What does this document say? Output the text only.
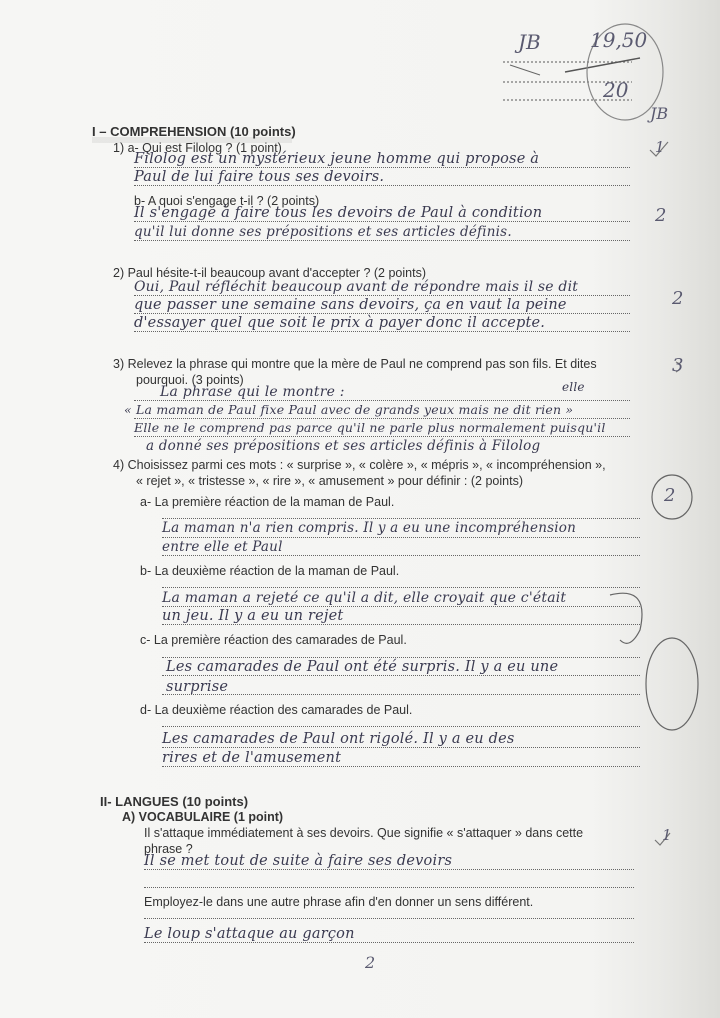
JB 19,50
20
JB
I – COMPREHENSION (10 points)
1) a- Qui est Filolog ? (1 point)
Filolog est un mystérieux jeune homme qui propose à
Paul de lui faire tous ses devoirs.
1
b- A quoi s'engage t-il ? (2 points)
Il s'engage à faire tous les devoirs de Paul à condition
qu'il lui donne ses prépositions et ses articles définis.
2
2) Paul hésite-t-il beaucoup avant d'accepter ? (2 points)
Oui, Paul réfléchit beaucoup avant de répondre mais il se dit
que passer une semaine sans devoirs, ça en vaut la peine
d'essayer quel que soit le prix à payer donc il accepte.
2
3) Relevez la phrase qui montre que la mère de Paul ne comprend pas son fils. Et dites
pourquoi. (3 points)
La phrase qui le montre :	elle
« La maman de Paul fixe Paul avec de grands yeux mais ne dit rien »
Elle ne le comprend pas parce qu'il ne parle plus normalement puisqu'il
a donné ses prépositions et ses articles définis à Filolog
3
4) Choisissez parmi ces mots : « surprise », « colère », « mépris », « incompréhension »,
« rejet », « tristesse », « rire », « amusement » pour définir : (2 points)
2
a- La première réaction de la maman de Paul.
La maman n'a rien compris. Il y a eu une incompréhension
entre elle et Paul
b- La deuxième réaction de la maman de Paul.
La maman a rejeté ce qu'il a dit, elle croyait que c'était
un jeu. Il y a eu un rejet
c- La première réaction des camarades de Paul.
Les camarades de Paul ont été surpris. Il y a eu une
surprise
d- La deuxième réaction des camarades de Paul.
Les camarades de Paul ont rigolé. Il y a eu des
rires et de l'amusement
II- LANGUES (10 points)
A) VOCABULAIRE (1 point)
Il s'attaque immédiatement à ses devoirs. Que signifie « s'attaquer » dans cette
phrase ?
Il se met tout de suite à faire ses devoirs
Employez-le dans une autre phrase afin d'en donner un sens différent.
Le loup s'attaque au garçon
1
2
